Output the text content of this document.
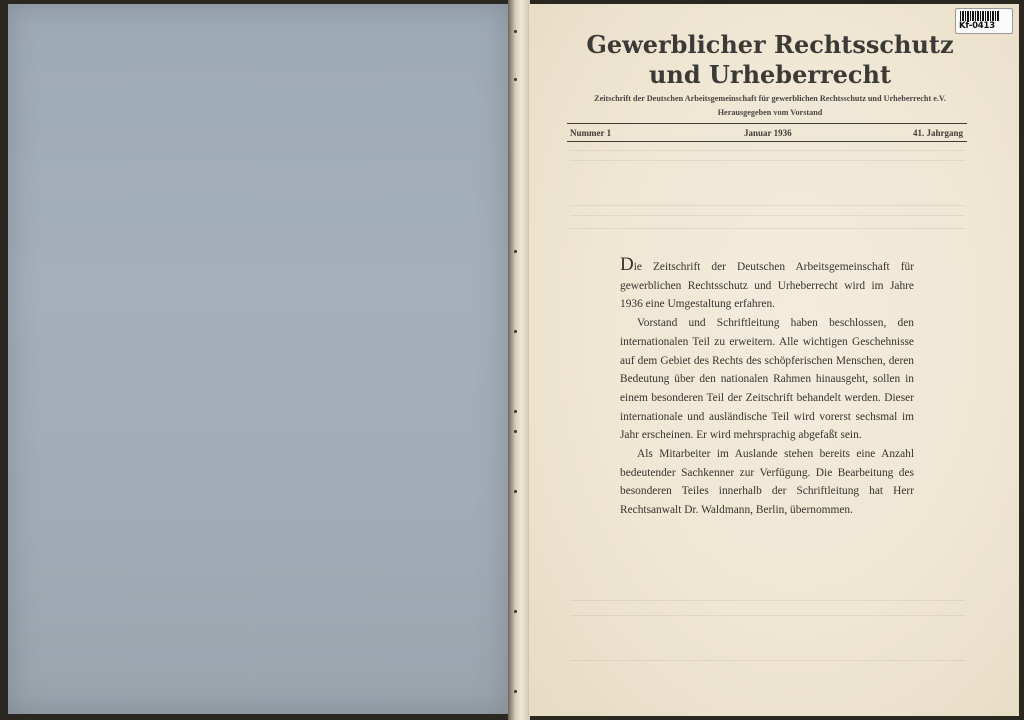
Kf-0413
Gewerblicher Rechtsschutz
und Urheberrecht
Zeitschrift der Deutschen Arbeitsgemeinschaft für gewerblichen Rechtsschutz und Urheberrecht e.V.
Herausgegeben vom Vorstand
Nummer 1	Januar 1936	41. Jahrgang

Die Zeitschrift der Deutschen Arbeitsgemeinschaft für gewerblichen Rechtsschutz und Urheberrecht wird im Jahre 1936 eine Umgestaltung erfahren.

Vorstand und Schriftleitung haben beschlossen, den internationalen Teil zu erweitern. Alle wichtigen Geschehnisse auf dem Gebiet des Rechts des schöpferischen Menschen, deren Bedeutung über den nationalen Rahmen hinausgeht, sollen in einem besonderen Teil der Zeitschrift behandelt werden. Dieser internationale und ausländische Teil wird vorerst sechsmal im Jahr erscheinen. Er wird mehrsprachig abgefaßt sein.

Als Mitarbeiter im Auslande stehen bereits eine Anzahl bedeutender Sachkenner zur Verfügung. Die Bearbeitung des besonderen Teiles innerhalb der Schriftleitung hat Herr Rechtsanwalt Dr. Waldmann, Berlin, übernommen.
